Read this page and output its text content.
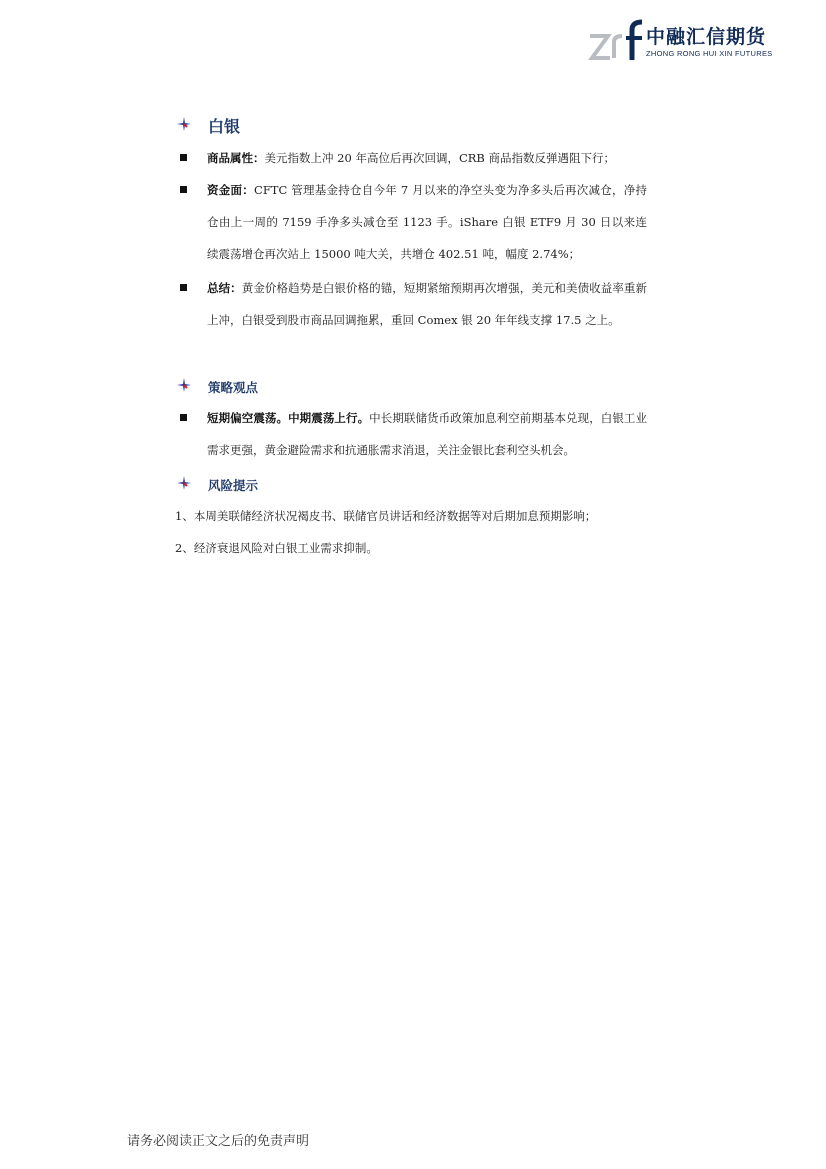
中融汇信期货
ZHONG RONG HUI XIN FUTURES
白银
商品属性：美元指数上冲 20 年高位后再次回调，CRB 商品指数反弹遇阻下行；
资金面：CFTC 管理基金持仓自今年 7 月以来的净空头变为净多头后再次减仓，净持仓由上一周的 7159 手净多头减仓至 1123 手。iShare 白银 ETF9 月 30 日以来连续震荡增仓再次站上 15000 吨大关，共增仓 402.51 吨，幅度 2.74%；
总结：黄金价格趋势是白银价格的锚，短期紧缩预期再次增强，美元和美债收益率重新上冲，白银受到股市商品回调拖累，重回 Comex 银 20 年年线支撑 17.5 之上。
策略观点
短期偏空震荡。中期震荡上行。中长期联储货币政策加息利空前期基本兑现，白银工业需求更强，黄金避险需求和抗通胀需求消退，关注金银比套利空头机会。
风险提示
1、本周美联储经济状况褐皮书、联储官员讲话和经济数据等对后期加息预期影响；
2、经济衰退风险对白银工业需求抑制。
请务必阅读正文之后的免责声明
